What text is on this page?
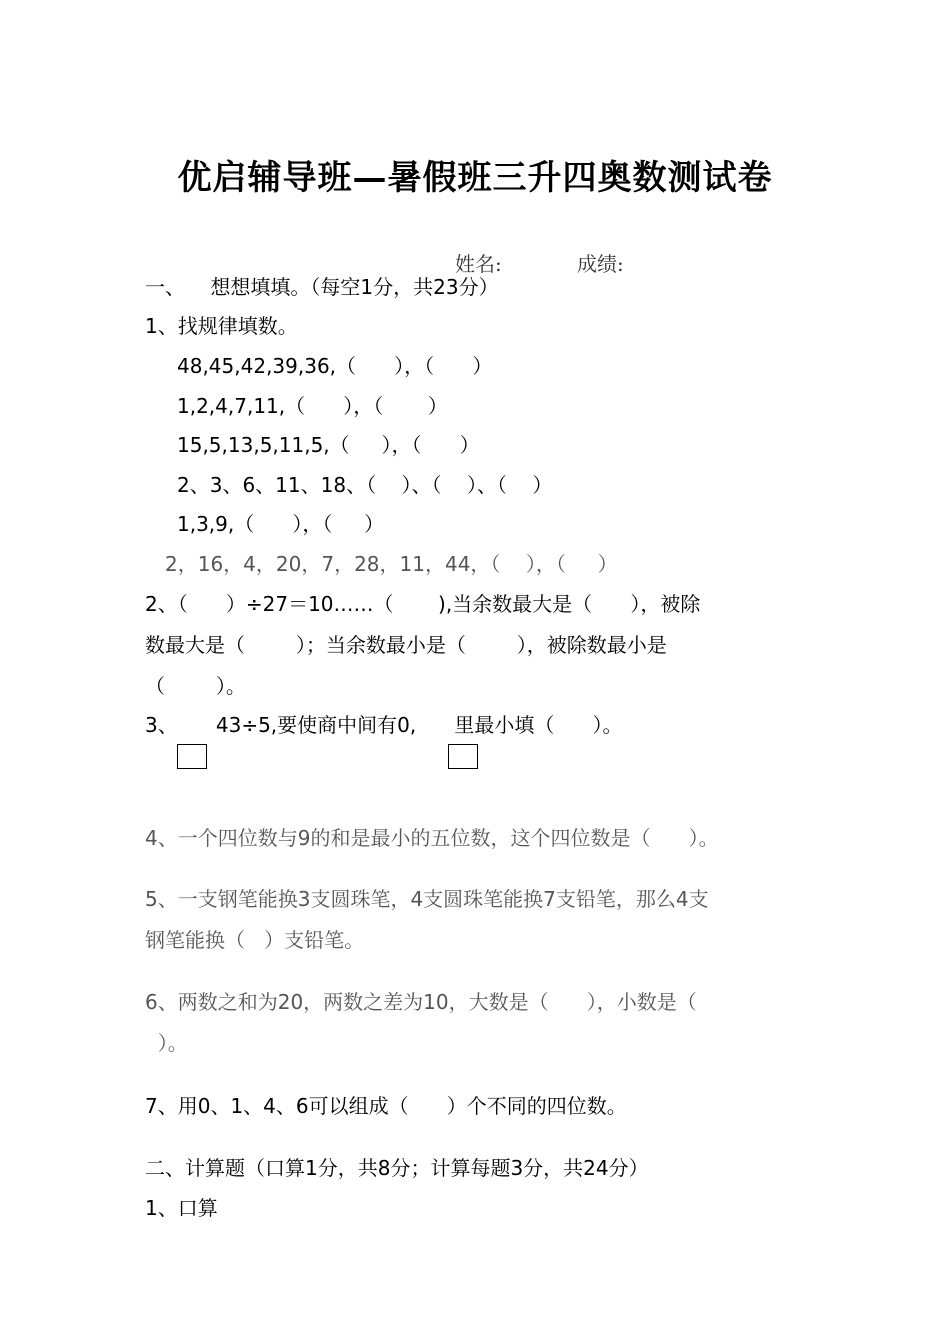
优启辅导班—暑假班三升四奥数测试卷
姓名:	成绩:
一、    想想填填。（每空1分，共23分）
1、找规律填数。
48,45,42,39,36,（      ），（      ）
1,2,4,7,11,（      ），（       ）
15,5,13,5,11,5,（     ），（      ）
2、3、6、11、18、（    ）、（    ）、（    ）
1,3,9,（      ），（     ）
2，16，4，20，7，28，11，44，（    ），（     ）
2、（      ）÷27＝10……（       ),当余数最大是（      ），被除
数最大是（        ）；当余数最小是（        ），被除数最小是
（        ）。
3、      43÷5,要使商中间有0,      里最小填（      ）。
4、一个四位数与9的和是最小的五位数，这个四位数是（      ）。
5、一支钢笔能换3支圆珠笔，4支圆珠笔能换7支铅笔，那么4支
钢笔能换（   ）支铅笔。
6、两数之和为20，两数之差为10，大数是（      ），小数是（
）。
7、用0、1、4、6可以组成（      ）个不同的四位数。
二、计算题（口算1分，共8分；计算每题3分，共24分）
1、口算
